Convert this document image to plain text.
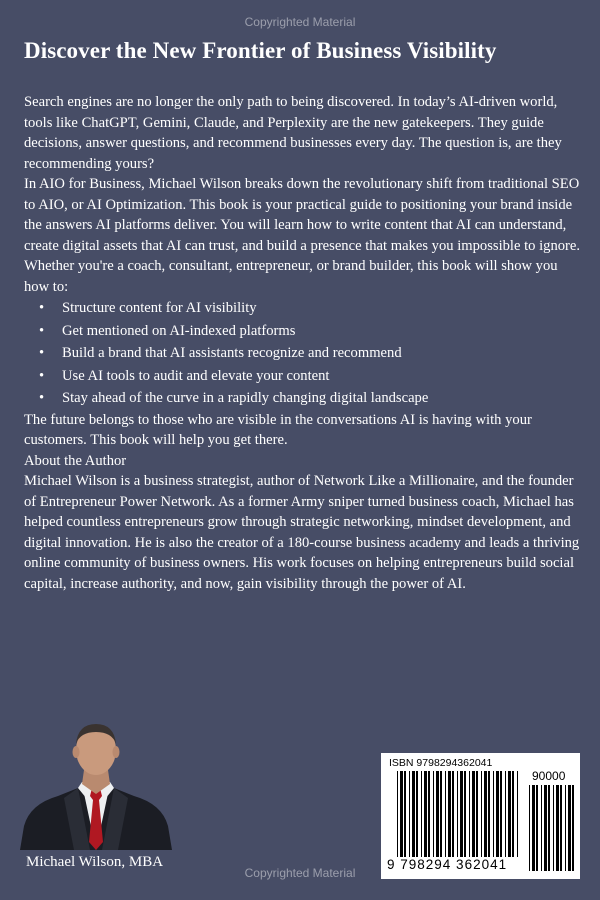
Copyrighted Material
Discover the New Frontier of Business Visibility

Search engines are no longer the only path to being discovered. In today’s AI-driven world, tools like ChatGPT, Gemini, Claude, and Perplexity are the new gatekeepers. They guide decisions, answer questions, and recommend businesses every day. The question is, are they recommending yours?

In AIO for Business, Michael Wilson breaks down the revolutionary shift from traditional SEO to AIO, or AI Optimization. This book is your practical guide to positioning your brand inside the answers AI platforms deliver. You will learn how to write content that AI can understand, create digital assets that AI can trust, and build a presence that makes you impossible to ignore.

Whether you're a coach, consultant, entrepreneur, or brand builder, this book will show you how to:

• Structure content for AI visibility
• Get mentioned on AI-indexed platforms
• Build a brand that AI assistants recognize and recommend
• Use AI tools to audit and elevate your content
• Stay ahead of the curve in a rapidly changing digital landscape

The future belongs to those who are visible in the conversations AI is having with your customers. This book will help you get there.

About the Author

Michael Wilson is a business strategist, author of Network Like a Millionaire, and the founder of Entrepreneur Power Network. As a former Army sniper turned business coach, Michael has helped countless entrepreneurs grow through strategic networking, mindset development, and digital innovation. He is also the creator of a 180-course business academy and leads a thriving online community of business owners. His work focuses on helping entrepreneurs build social capital, increase authority, and now, gain visibility through the power of AI.

Michael Wilson, MBA
ISBN 9798294362041
90000
9 798294 362041
Copyrighted Material
